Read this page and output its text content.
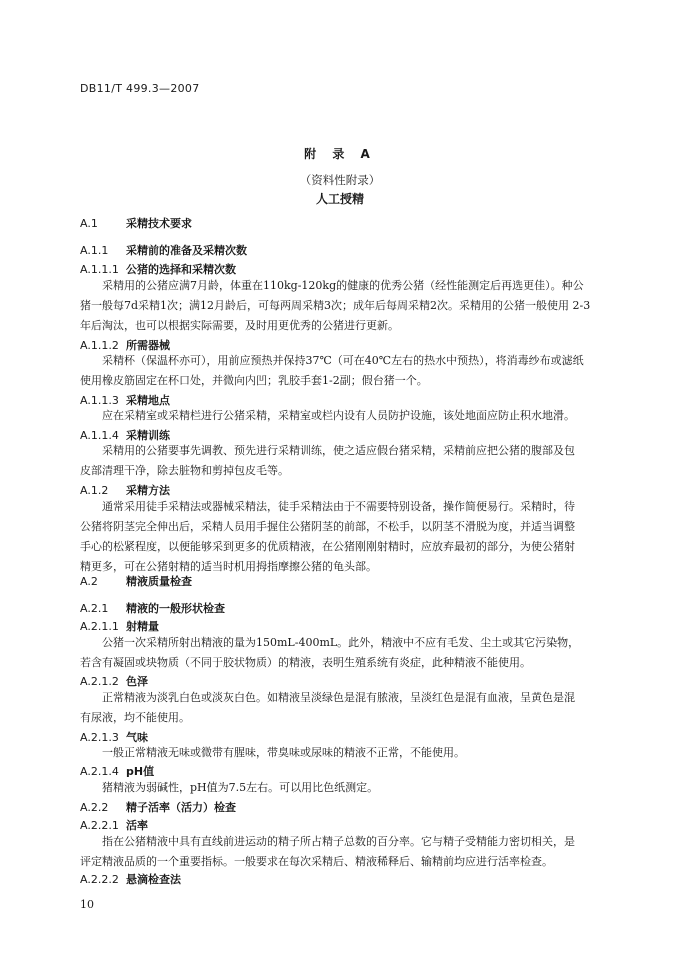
DB11/T 499.3—2007
附 录 A
（资料性附录）
人工授精
A.1	采精技术要求
A.1.1 采精前的准备及采精次数
A.1.1.1 公猪的选择和采精次数
采精用的公猪应满7月龄，体重在110kg-120kg的健康的优秀公猪（经性能测定后再选更佳）。种公
猪一般每7d采精1次；满12月龄后，可每两周采精3次；成年后每周采精2次。采精用的公猪一般使用 2-3
年后淘汰，也可以根据实际需要，及时用更优秀的公猪进行更新。
A.1.1.2 所需器械
采精杯（保温杯亦可），用前应预热并保持37℃（可在40℃左右的热水中预热），将消毒纱布或滤纸
使用橡皮筋固定在杯口处，并微向内凹；乳胶手套1-2副；假台猪一个。
A.1.1.3 采精地点
应在采精室或采精栏进行公猪采精，采精室或栏内设有人员防护设施，该处地面应防止积水地滑。
A.1.1.4 采精训练
采精用的公猪要事先调教、预先进行采精训练，使之适应假台猪采精，采精前应把公猪的腹部及包
皮部清理干净，除去脏物和剪掉包皮毛等。
A.1.2 采精方法
通常采用徒手采精法或器械采精法，徒手采精法由于不需要特别设备，操作简便易行。采精时，待
公猪将阴茎完全伸出后，采精人员用手握住公猪阴茎的前部，不松手，以阴茎不滑脱为度，并适当调整
手心的松紧程度，以便能够采到更多的优质精液，在公猪刚刚射精时，应放弃最初的部分，为使公猪射
精更多，可在公猪射精的适当时机用拇指摩擦公猪的龟头部。
A.2	精液质量检查
A.2.1 精液的一般形状检查
A.2.1.1 射精量
公猪一次采精所射出精液的量为150mL-400mL。此外，精液中不应有毛发、尘土或其它污染物，
若含有凝固或块物质（不同于胶状物质）的精液，表明生殖系统有炎症，此种精液不能使用。
A.2.1.2 色泽
正常精液为淡乳白色或淡灰白色。如精液呈淡绿色是混有脓液，呈淡红色是混有血液，呈黄色是混
有尿液，均不能使用。
A.2.1.3 气味
一般正常精液无味或微带有腥味，带臭味或尿味的精液不正常，不能使用。
A.2.1.4 pH值
猪精液为弱碱性，pH值为7.5左右。可以用比色纸测定。
A.2.2 精子活率（活力）检查
A.2.2.1 活率
指在公猪精液中具有直线前进运动的精子所占精子总数的百分率。它与精子受精能力密切相关，是
评定精液品质的一个重要指标。一般要求在每次采精后、精液稀释后、输精前均应进行活率检查。
A.2.2.2 悬滴检查法
10
